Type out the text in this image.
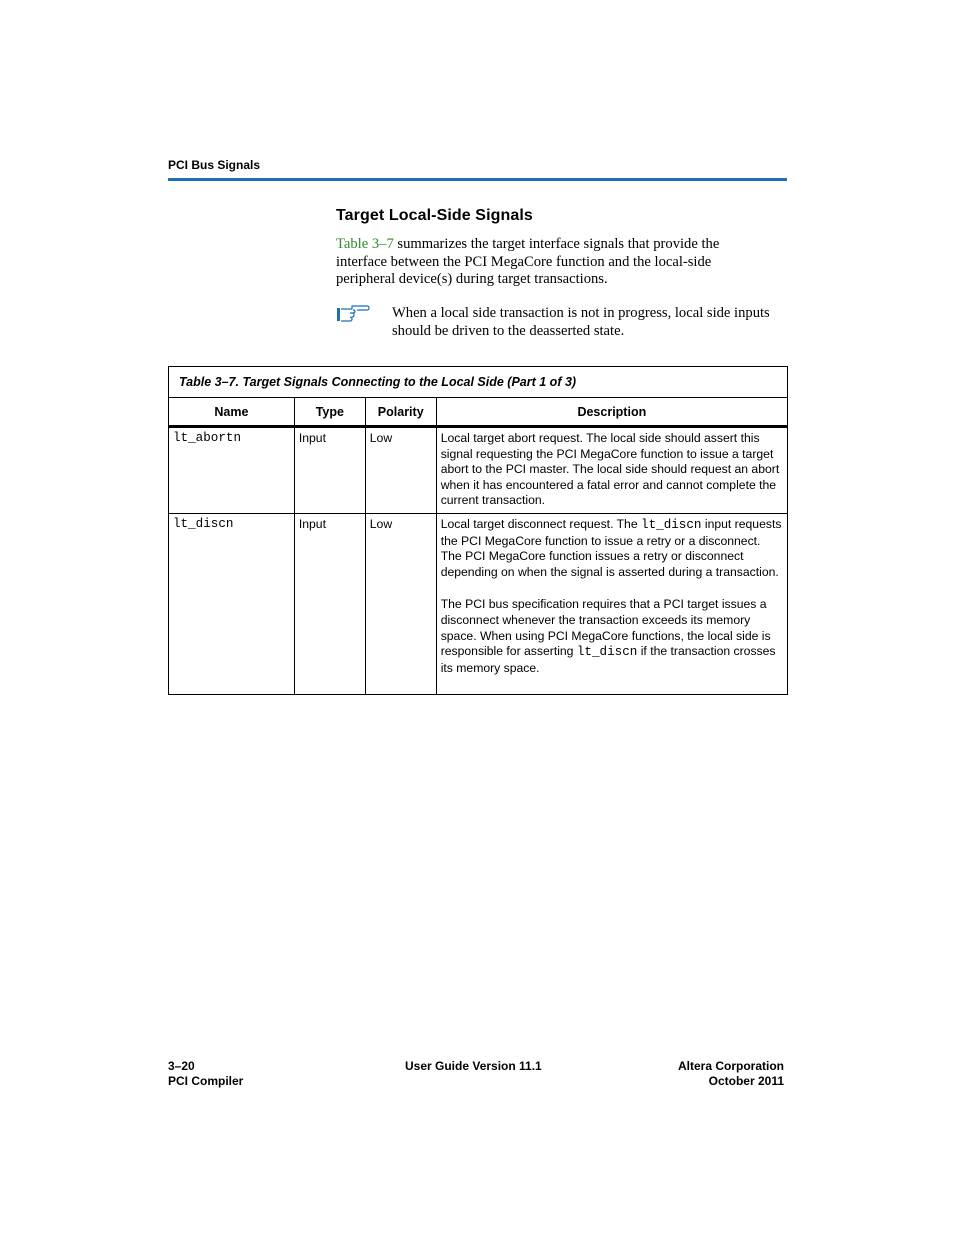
PCI Bus Signals
Target Local-Side Signals
Table 3–7 summarizes the target interface signals that provide the interface between the PCI MegaCore function and the local-side peripheral device(s) during target transactions.
When a local side transaction is not in progress, local side inputs should be driven to the deasserted state.
Table 3–7. Target Signals Connecting to the Local Side (Part 1 of 3)			
Name	Type	Polarity	Description
lt_abortn	Input	Low	Local target abort request. The local side should assert this signal requesting the PCI MegaCore function to issue a target abort to the PCI master. The local side should request an abort when it has encountered a fatal error and cannot complete the current transaction.

lt_discn	Input	Low	Local target disconnect request. The lt_discn input requests the PCI MegaCore function to issue a retry or a disconnect. The PCI MegaCore function issues a retry or disconnect depending on when the signal is asserted during a transaction.

The PCI bus specification requires that a PCI target issues a disconnect whenever the transaction exceeds its memory space. When using PCI MegaCore functions, the local side is responsible for asserting lt_discn if the transaction crosses its memory space.

3–20
PCI Compiler
User Guide Version 11.1	Altera Corporation
October 2011
